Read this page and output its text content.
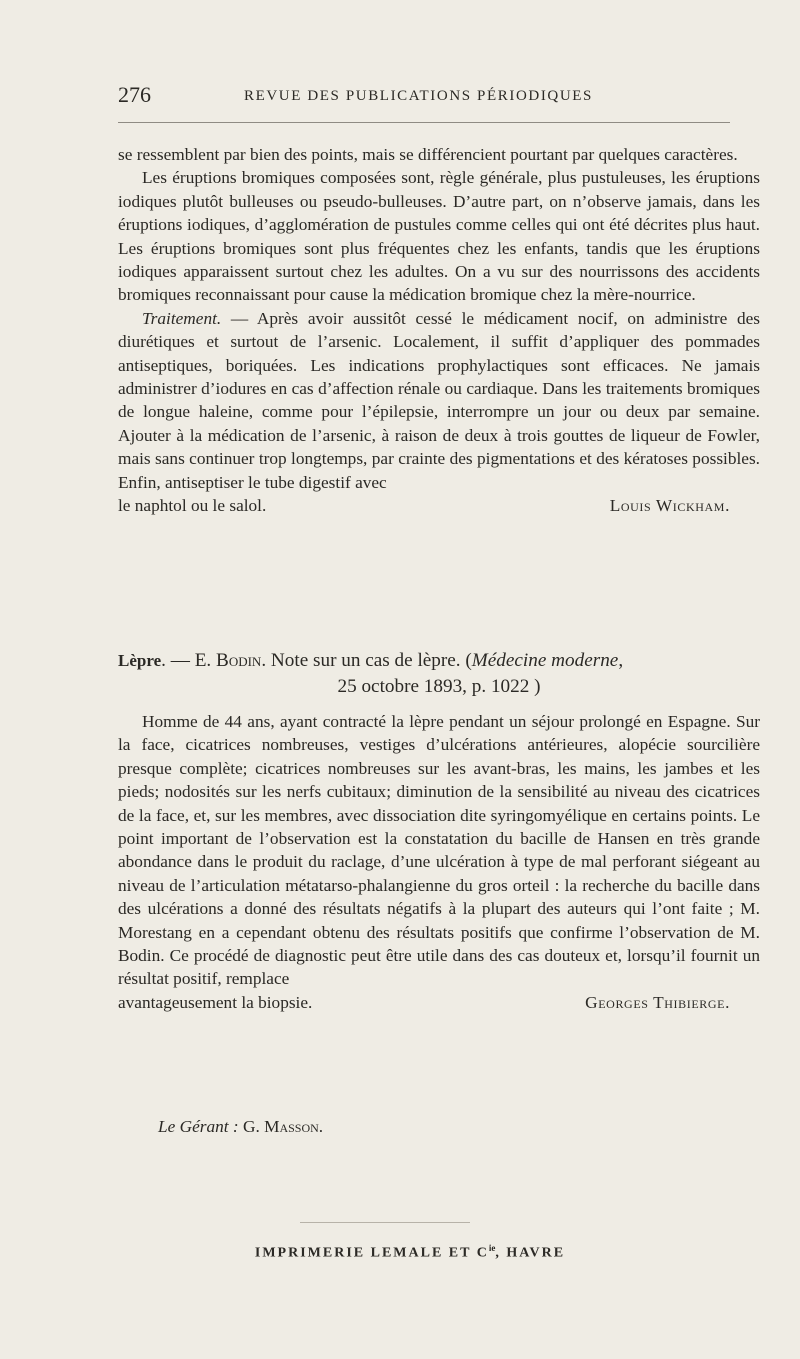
276	REVUE DES PUBLICATIONS PÉRIODIQUES

se ressemblent par bien des points, mais se différencient pourtant par quelques caractères.

Les éruptions bromiques composées sont, règle générale, plus pustuleuses, les éruptions iodiques plutôt bulleuses ou pseudo-bulleuses. D’autre part, on n’observe jamais, dans les éruptions iodiques, d’agglomération de pustules comme celles qui ont été décrites plus haut. Les éruptions bromiques sont plus fréquentes chez les enfants, tandis que les éruptions iodiques apparaissent surtout chez les adultes. On a vu sur des nourrissons des accidents bromiques reconnaissant pour cause la médication bromique chez la mère-nourrice.

Traitement. — Après avoir aussitôt cessé le médicament nocif, on administre des diurétiques et surtout de l’arsenic. Localement, il suffit d’appliquer des pommades antiseptiques, boriquées. Les indications prophylactiques sont efficaces. Ne jamais administrer d’iodures en cas d’affection rénale ou cardiaque. Dans les traitements bromiques de longue haleine, comme pour l’épilepsie, interrompre un jour ou deux par semaine. Ajouter à la médication de l’arsenic, à raison de deux à trois gouttes de liqueur de Fowler, mais sans continuer trop longtemps, par crainte des pigmentations et des kératoses possibles. Enfin, antiseptiser le tube digestif avec

le naphtol ou le salol.	Louis Wickham.
Lèpre. — E. Bodin. Note sur un cas de lèpre. (Médecine moderne,
25 octobre 1893, p. 1022 )

Homme de 44 ans, ayant contracté la lèpre pendant un séjour prolongé en Espagne. Sur la face, cicatrices nombreuses, vestiges d’ulcérations antérieures, alopécie sourcilière presque complète; cicatrices nombreuses sur les avant-bras, les mains, les jambes et les pieds; nodosités sur les nerfs cubitaux; diminution de la sensibilité au niveau des cicatrices de la face, et, sur les membres, avec dissociation dite syringomyélique en certains points. Le point important de l’observation est la constatation du bacille de Hansen en très grande abondance dans le produit du raclage, d’une ulcération à type de mal perforant siégeant au niveau de l’articulation métatarso-phalangienne du gros orteil : la recherche du bacille dans des ulcérations a donné des résultats négatifs à la plupart des auteurs qui l’ont faite ; M. Morestang en a cependant obtenu des résultats positifs que confirme l’observation de M. Bodin. Ce procédé de diagnostic peut être utile dans des cas douteux et, lorsqu’il fournit un résultat positif, remplace

avantageusement la biopsie.	Georges Thibierge.
Le Gérant : G. Masson.
IMPRIMERIE LEMALE ET $C^{ie}$, HAVRE
